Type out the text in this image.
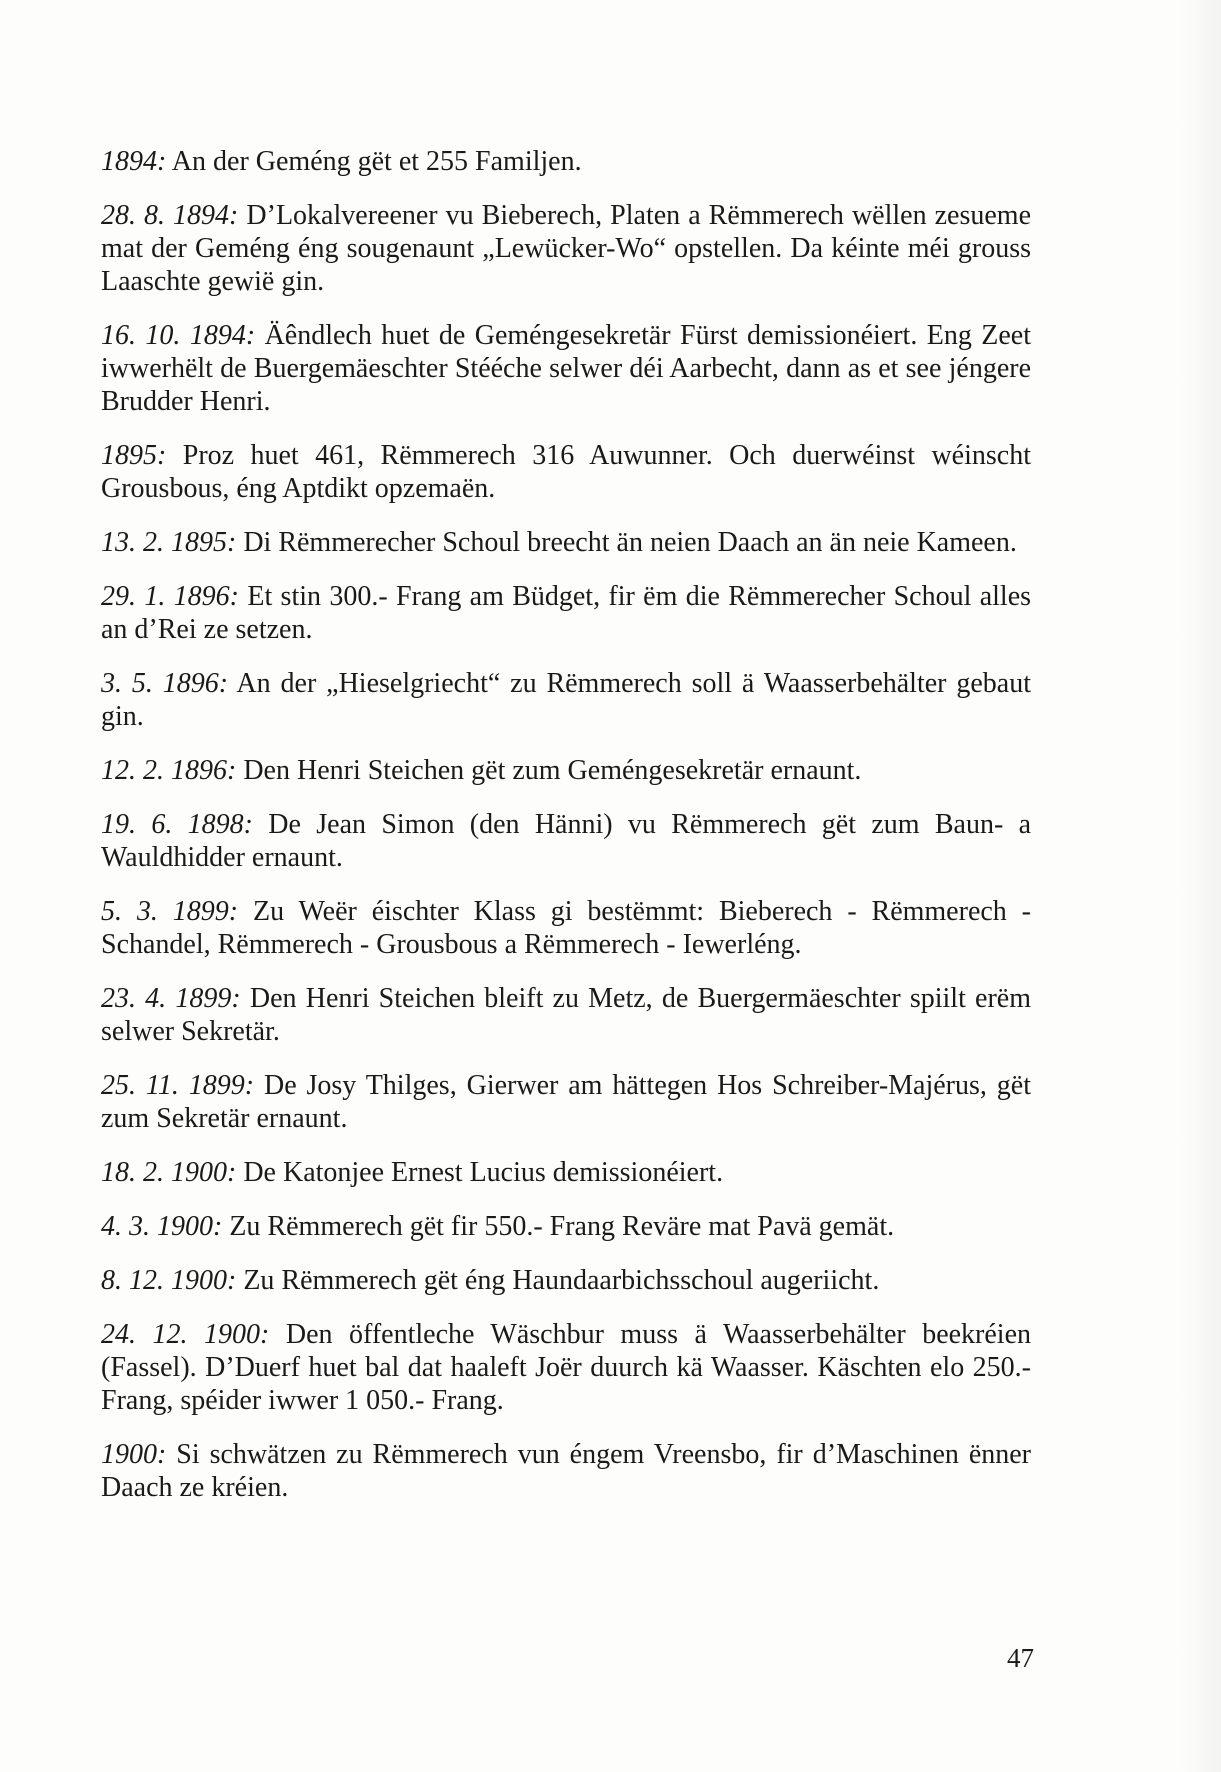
1894: An der Geméng gët et 255 Familjen.

28. 8. 1894: D’Lokalvereener vu Bieberech, Platen a Rëmmerech wëllen zesueme mat der Geméng éng sougenaunt „Lewücker-Wo“ opstellen. Da kéinte méi grouss Laaschte gewië gin.

16. 10. 1894: Äêndlech huet de Geméngesekretär Fürst demissionéiert. Eng Zeet iwwerhëlt de Buergemäeschter Stééche selwer déi Aarbecht, dann as et see jéngere Brudder Henri.

1895: Proz huet 461, Rëmmerech 316 Auwunner. Och duerwéinst wéinscht Grousbous, éng Aptdikt opzemaën.

13. 2. 1895: Di Rëmmerecher Schoul breecht än neien Daach an än neie Kameen.

29. 1. 1896: Et stin 300.- Frang am Büdget, fir ëm die Rëmmerecher Schoul alles an d’Rei ze setzen.

3. 5. 1896: An der „Hieselgriecht“ zu Rëmmerech soll ä Waasserbehälter gebaut gin.

12. 2. 1896: Den Henri Steichen gët zum Geméngesekretär ernaunt.

19. 6. 1898: De Jean Simon (den Hänni) vu Rëmmerech gët zum Baun- a Wauldhidder ernaunt.

5. 3. 1899: Zu Weër éischter Klass gi bestëmmt: Bieberech - Rëmmerech - Schandel, Rëmmerech - Grousbous a Rëmmerech - Iewerléng.

23. 4. 1899: Den Henri Steichen bleift zu Metz, de Buergermäeschter spiilt erëm selwer Sekretär.

25. 11. 1899: De Josy Thilges, Gierwer am hättegen Hos Schreiber-Majérus, gët zum Sekretär ernaunt.

18. 2. 1900: De Katonjee Ernest Lucius demissionéiert.

4. 3. 1900: Zu Rëmmerech gët fir 550.- Frang Reväre mat Pavä gemät.

8. 12. 1900: Zu Rëmmerech gët éng Haundaarbichsschoul augeriicht.

24. 12. 1900: Den öffentleche Wäschbur muss ä Waasserbehälter beekréien (Fassel). D’Duerf huet bal dat haaleft Joër duurch kä Waasser. Käschten elo 250.- Frang, spéider iwwer 1 050.- Frang.

1900: Si schwätzen zu Rëmmerech vun éngem Vreensbo, fir d’Maschinen ënner Daach ze kréien.

47
